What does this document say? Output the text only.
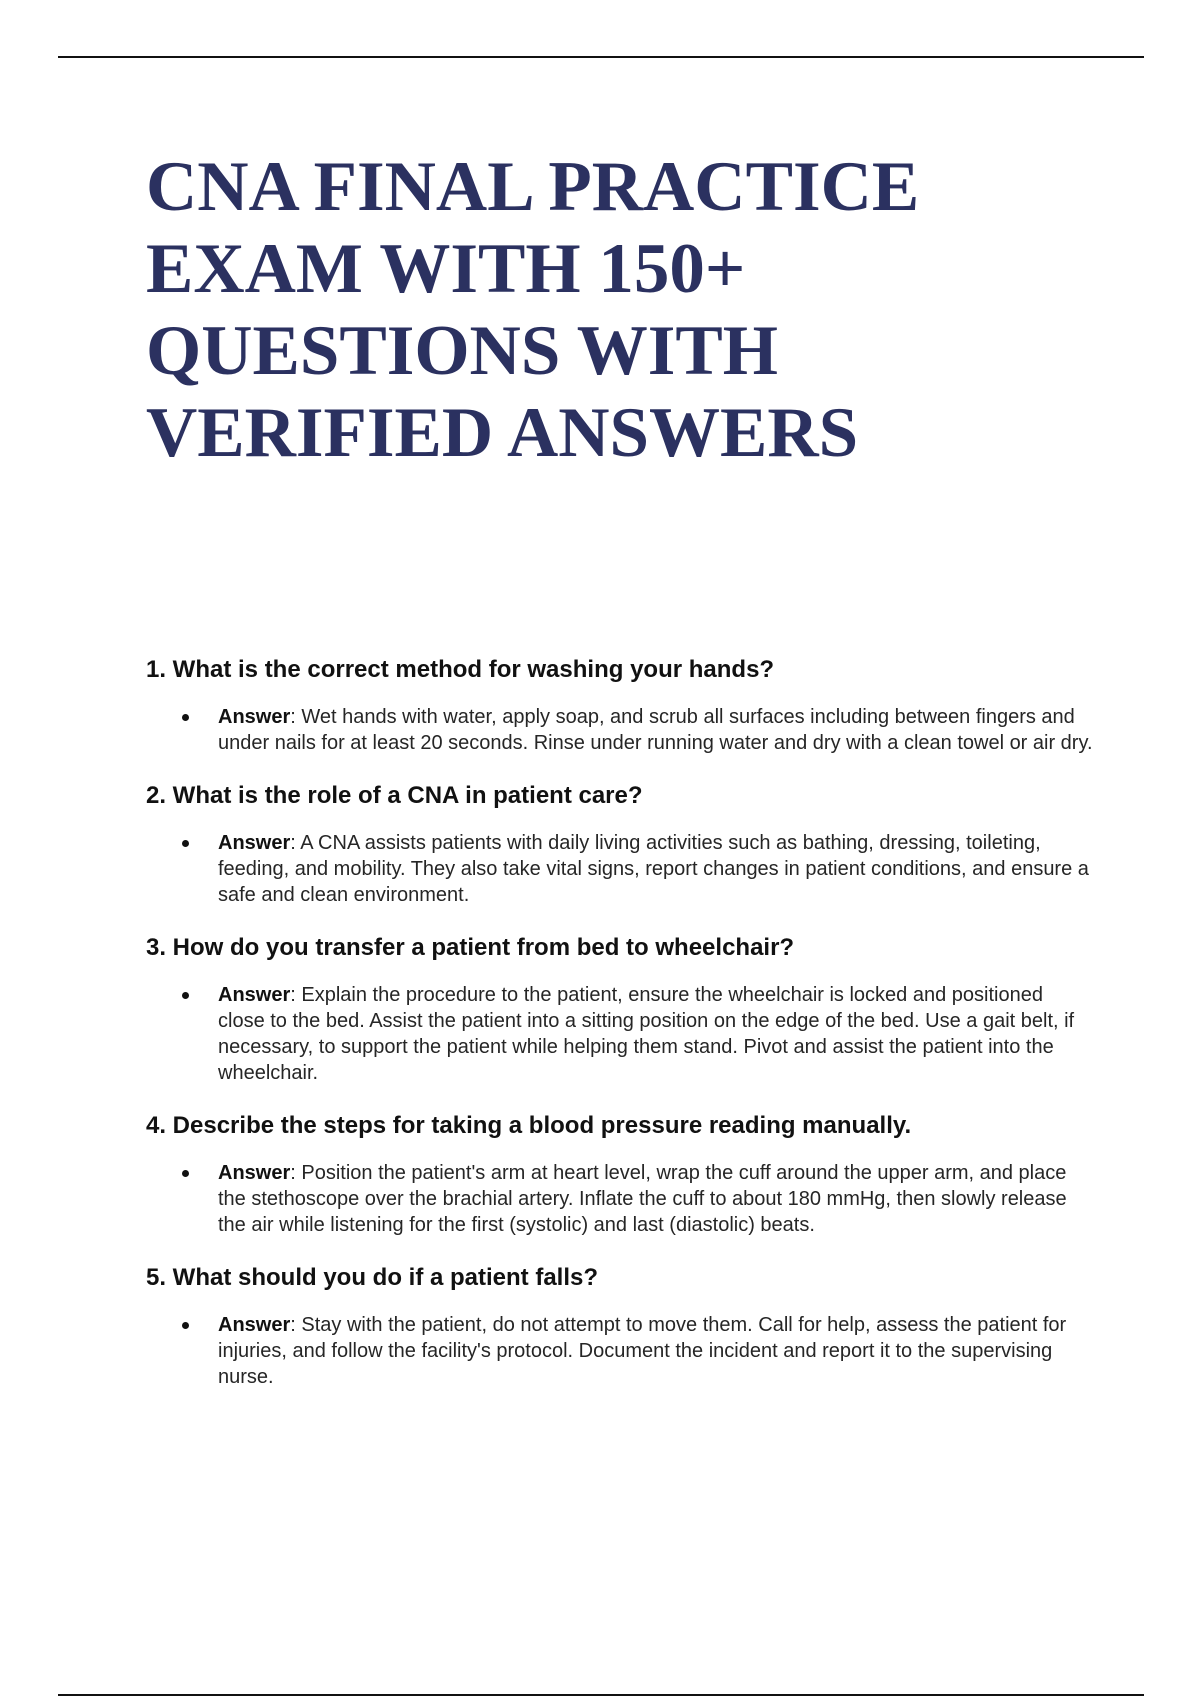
CNA FINAL PRACTICE EXAM WITH 150+ QUESTIONS WITH VERIFIED ANSWERS
1. What is the correct method for washing your hands?
Answer: Wet hands with water, apply soap, and scrub all surfaces including between fingers and under nails for at least 20 seconds. Rinse under running water and dry with a clean towel or air dry.
2. What is the role of a CNA in patient care?
Answer: A CNA assists patients with daily living activities such as bathing, dressing, toileting, feeding, and mobility. They also take vital signs, report changes in patient conditions, and ensure a safe and clean environment.
3. How do you transfer a patient from bed to wheelchair?
Answer: Explain the procedure to the patient, ensure the wheelchair is locked and positioned close to the bed. Assist the patient into a sitting position on the edge of the bed. Use a gait belt, if necessary, to support the patient while helping them stand. Pivot and assist the patient into the wheelchair.
4. Describe the steps for taking a blood pressure reading manually.
Answer: Position the patient's arm at heart level, wrap the cuff around the upper arm, and place the stethoscope over the brachial artery. Inflate the cuff to about 180 mmHg, then slowly release the air while listening for the first (systolic) and last (diastolic) beats.
5. What should you do if a patient falls?
Answer: Stay with the patient, do not attempt to move them. Call for help, assess the patient for injuries, and follow the facility's protocol. Document the incident and report it to the supervising nurse.
